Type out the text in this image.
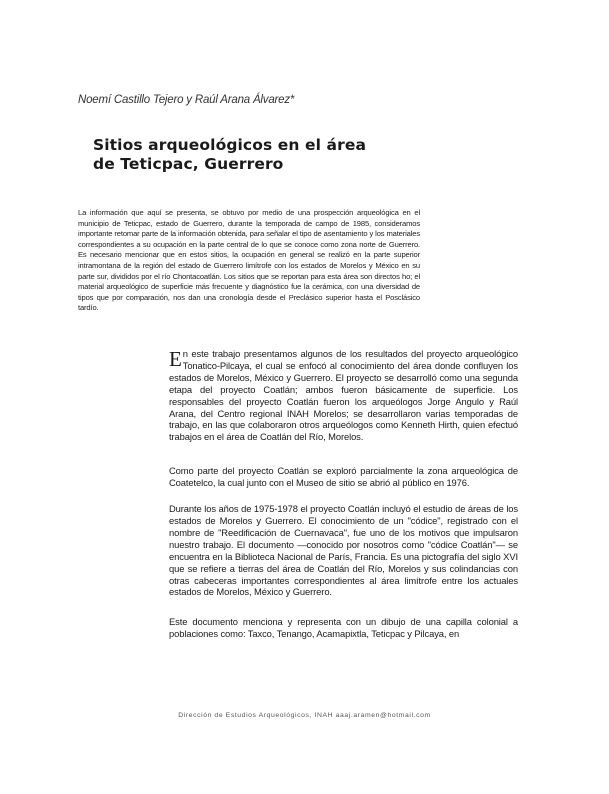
Noemí Castillo Tejero y Raúl Arana Álvarez*
Sitios arqueológicos en el área
de Teticpac, Guerrero
La información que aquí se presenta, se obtuvo por medio de una prospección arqueológica en el municipio de Teticpac, estado de Guerrero, durante la temporada de campo de 1985, consideramos importante retomar parte de la información obtenida, para señalar el tipo de asentamiento y los materiales correspondientes a su ocupación en la parte central de lo que se conoce como zona norte de Guerrero. Es necesario mencionar que en estos sitios, la ocupación en general se realizó en la parte superior intramontana de la región del estado de Guerrero limítrofe con los estados de Morelos y México en su parte sur, divididos por el río Chontacoatlán. Los sitios que se reportan para esta área son directos ho; el material arqueológico de superficie más frecuente y diagnóstico fue la cerámica, con una diversidad de tipos que por comparación, nos dan una cronología desde el Preclásico superior hasta el Posclásico tardío.

En este trabajo presentamos algunos de los resultados del proyecto arqueológico Tonatico-Pilcaya, el cual se enfocó al conocimiento del área donde confluyen los estados de Morelos, México y Guerrero. El proyecto se desarrolló como una segunda etapa del proyecto Coatlán; ambos fueron básicamente de superficie. Los responsables del proyecto Coatlán fueron los arqueólogos Jorge Angulo y Raúl Arana, del Centro regional INAH Morelos; se desarrollaron varias temporadas de trabajo, en las que colaboraron otros arqueólogos como Kenneth Hirth, quien efectuó trabajos en el área de Coatlán del Río, Morelos.

Como parte del proyecto Coatlán se exploró parcialmente la zona arqueológica de Coatetelco, la cual junto con el Museo de sitio se abrió al público en 1976.

Durante los años de 1975-1978 el proyecto Coatlán incluyó el estudio de áreas de los estados de Morelos y Guerrero. El conocimiento de un "códice", registrado con el nombre de "Reedificación de Cuernavaca", fue uno de los motivos que impulsaron nuestro trabajo. El documento —conocido por nosotros como "códice Coatlán"— se encuentra en la Biblioteca Nacional de París, Francia. Es una pictografía del siglo XVI que se refiere a tierras del área de Coatlán del Río, Morelos y sus colindancias con otras cabeceras importantes correspondientes al área limítrofe entre los actuales estados de Morelos, México y Guerrero.

Este documento menciona y representa con un dibujo de una capilla colonial a poblaciones como: Taxco, Tenango, Acamapixtla, Teticpac y Pilcaya, en

Dirección de Estudios Arqueológicos, INAH aaaj.aramen@hotmail.com
